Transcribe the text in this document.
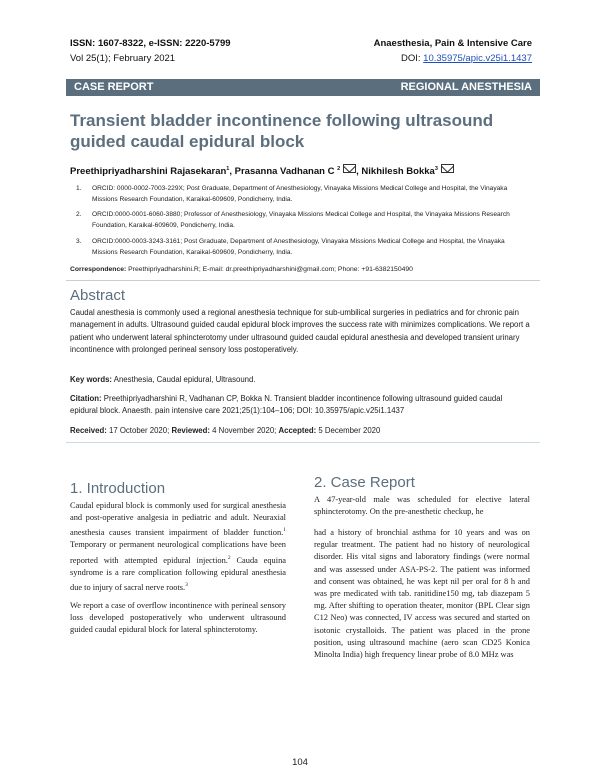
ISSN: 1607-8322, e-ISSN: 2220-5799	Anaesthesia, Pain & Intensive Care
Vol 25(1); February 2021	DOI: 10.35975/apic.v25i1.1437
CASE REPORT	REGIONAL ANESTHESIA
Transient bladder incontinence following ultrasound guided caudal epidural block
Preethipriyadharshini Rajasekaran$^1$, Prasanna Vadhanan C $^2$ , Nikhilesh Bokka$^3$
1. ORCID: 0000-0002-7003-229X; Post Graduate, Department of Anesthesiology, Vinayaka Missions Medical College and Hospital, the Vinayaka Missions Research Foundation, Karaikal-609609, Pondicherry, India.
2. ORCID:0000-0001-6060-3880; Professor of Anesthesiology, Vinayaka Missions Medical College and Hospital, the Vinayaka Missions Research Foundation, Karaikal-609609, Pondicherry, India.
3. ORCID:0000-0003-3243-3161; Post Graduate, Department of Anesthesiology, Vinayaka Missions Medical College and Hospital, the Vinayaka Missions Research Foundation, Karaikal-609609, Pondicherry, India.
Correspondence: Preethipriyadharshini.R; E-mail: dr.preethipriyadharshini@gmail.com; Phone: +91-6382150490
Abstract
Caudal anesthesia is commonly used a regional anesthesia technique for sub-umbilical surgeries in pediatrics and for chronic pain management in adults. Ultrasound guided caudal epidural block improves the success rate with minimizes complications. We report a patient who underwent lateral sphincterotomy under ultrasound guided caudal epidural anesthesia and developed transient urinary incontinence with prolonged perineal sensory loss postoperatively.
Key words: Anesthesia, Caudal epidural, Ultrasound.
Citation: Preethipriyadharshini R, Vadhanan CP, Bokka N. Transient bladder incontinence following ultrasound guided caudal epidural block. Anaesth. pain intensive care 2021;25(1):104–106; DOI: 10.35975/apic.v25i1.1437
Received: 17 October 2020; Reviewed: 4 November 2020; Accepted: 5 December 2020
1. Introduction
Caudal epidural block is commonly used for surgical anesthesia and post-operative analgesia in pediatric and adult. Neuraxial anesthesia causes transient impairment of bladder function.$^1$ Temporary or permanent neurological complications have been reported with attempted epidural injection.$^2$ Cauda equina syndrome is a rare complication following epidural anesthesia due to injury of sacral nerve roots.$^3$
We report a case of overflow incontinence with perineal sensory loss developed postoperatively who underwent ultrasound guided caudal epidural block for lateral sphincterotomy.
2. Case Report
A 47-year-old male was scheduled for elective lateral sphincterotomy. On the pre-anesthetic checkup, he
had a history of bronchial asthma for 10 years and was on regular treatment. The patient had no history of neurological disorder. His vital signs and laboratory findings (were normal and was assessed under ASA-PS-2. The patient was informed and consent was obtained, he was kept nil per oral for 8 h and was pre medicated with tab. ranitidine150 mg, tab diazepam 5 mg. After shifting to operation theater, monitor (BPL Clear sign C12 Neo) was connected, IV access was secured and started on isotonic crystalloids. The patient was placed in the prone position, using ultrasound machine (aero scan CD25 Konica Minolta India) high frequency linear probe of 8.0 MHz was
104
